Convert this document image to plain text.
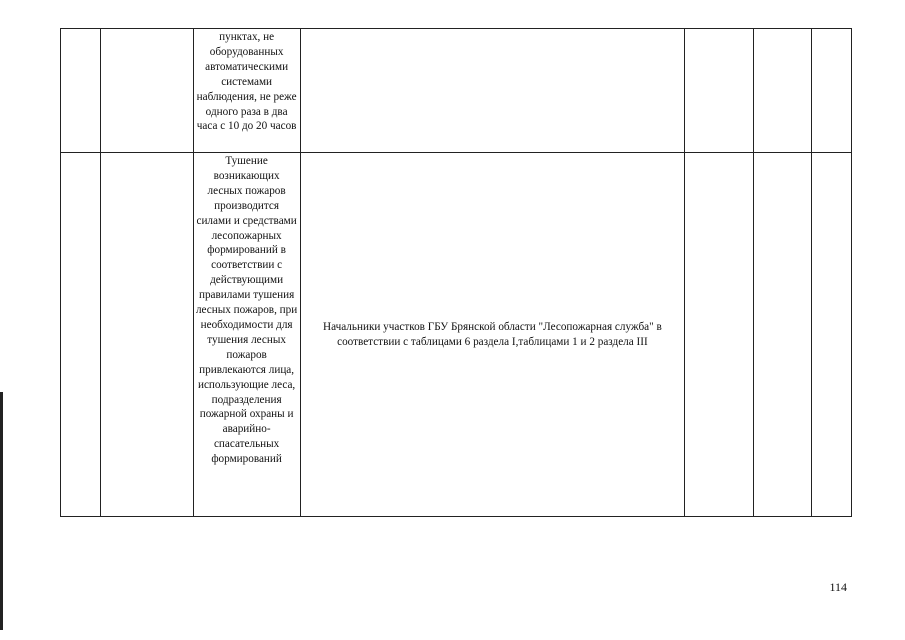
		пунктах, не оборудованных автоматическими системами наблюдения, не реже одного раза в два часа с 10 до 20 часов				

		Тушение возникающих лесных пожаров производится силами и средствами лесопожарных формирований в соответствии с действующими правилами тушения лесных пожаров, при необходимости для тушения лесных пожаров привлекаются лица, использующие леса, подразделения пожарной охраны и аварийно-спасательных формирований	Начальники участков ГБУ Брянской области "Лесопожарная служба" в соответствии с таблицами 6 раздела I,таблицами 1 и 2 раздела III			
114
